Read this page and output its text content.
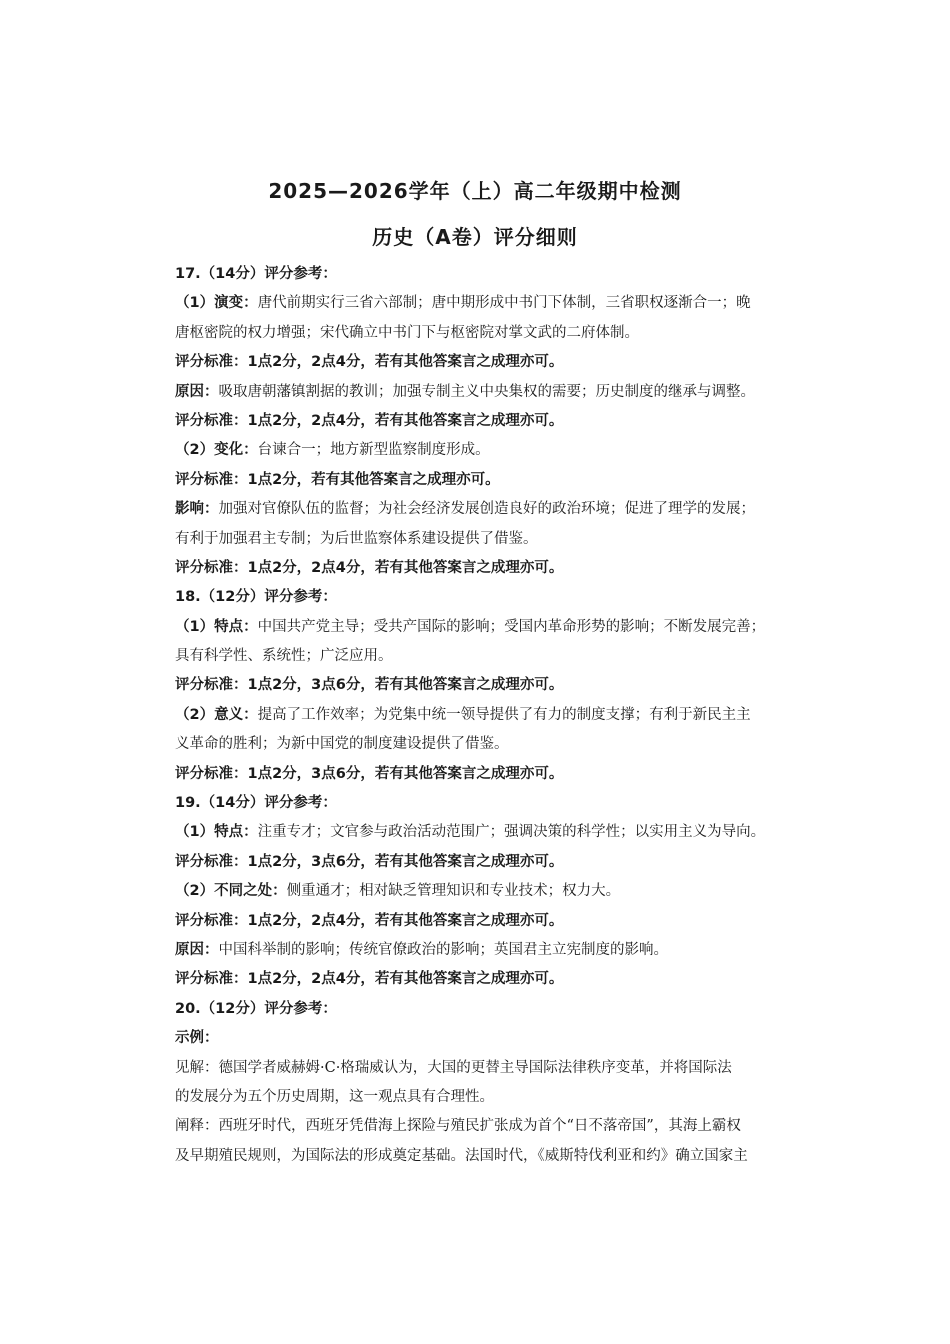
2025—2026学年（上）高二年级期中检测
历史（A卷）评分细则
17.（14分）评分参考：
（1）演变：唐代前期实行三省六部制；唐中期形成中书门下体制，三省职权逐渐合一；晚
唐枢密院的权力增强；宋代确立中书门下与枢密院对掌文武的二府体制。
评分标准：1点2分，2点4分，若有其他答案言之成理亦可。
原因：吸取唐朝藩镇割据的教训；加强专制主义中央集权的需要；历史制度的继承与调整。
评分标准：1点2分，2点4分，若有其他答案言之成理亦可。
（2）变化：台谏合一；地方新型监察制度形成。
评分标准：1点2分，若有其他答案言之成理亦可。
影响：加强对官僚队伍的监督；为社会经济发展创造良好的政治环境；促进了理学的发展；
有利于加强君主专制；为后世监察体系建设提供了借鉴。
评分标准：1点2分，2点4分，若有其他答案言之成理亦可。
18.（12分）评分参考：
（1）特点：中国共产党主导；受共产国际的影响；受国内革命形势的影响；不断发展完善；
具有科学性、系统性；广泛应用。
评分标准：1点2分，3点6分，若有其他答案言之成理亦可。
（2）意义：提高了工作效率；为党集中统一领导提供了有力的制度支撑；有利于新民主主
义革命的胜利；为新中国党的制度建设提供了借鉴。
评分标准：1点2分，3点6分，若有其他答案言之成理亦可。
19.（14分）评分参考：
（1）特点：注重专才；文官参与政治活动范围广；强调决策的科学性；以实用主义为导向。
评分标准：1点2分，3点6分，若有其他答案言之成理亦可。
（2）不同之处：侧重通才；相对缺乏管理知识和专业技术；权力大。
评分标准：1点2分，2点4分，若有其他答案言之成理亦可。
原因：中国科举制的影响；传统官僚政治的影响；英国君主立宪制度的影响。
评分标准：1点2分，2点4分，若有其他答案言之成理亦可。
20.（12分）评分参考：
示例：
见解：德国学者威赫姆·C·格瑞威认为，大国的更替主导国际法律秩序变革，并将国际法
的发展分为五个历史周期，这一观点具有合理性。
阐释：西班牙时代，西班牙凭借海上探险与殖民扩张成为首个“日不落帝国”，其海上霸权
及早期殖民规则，为国际法的形成奠定基础。法国时代，《威斯特伐利亚和约》确立国家主
